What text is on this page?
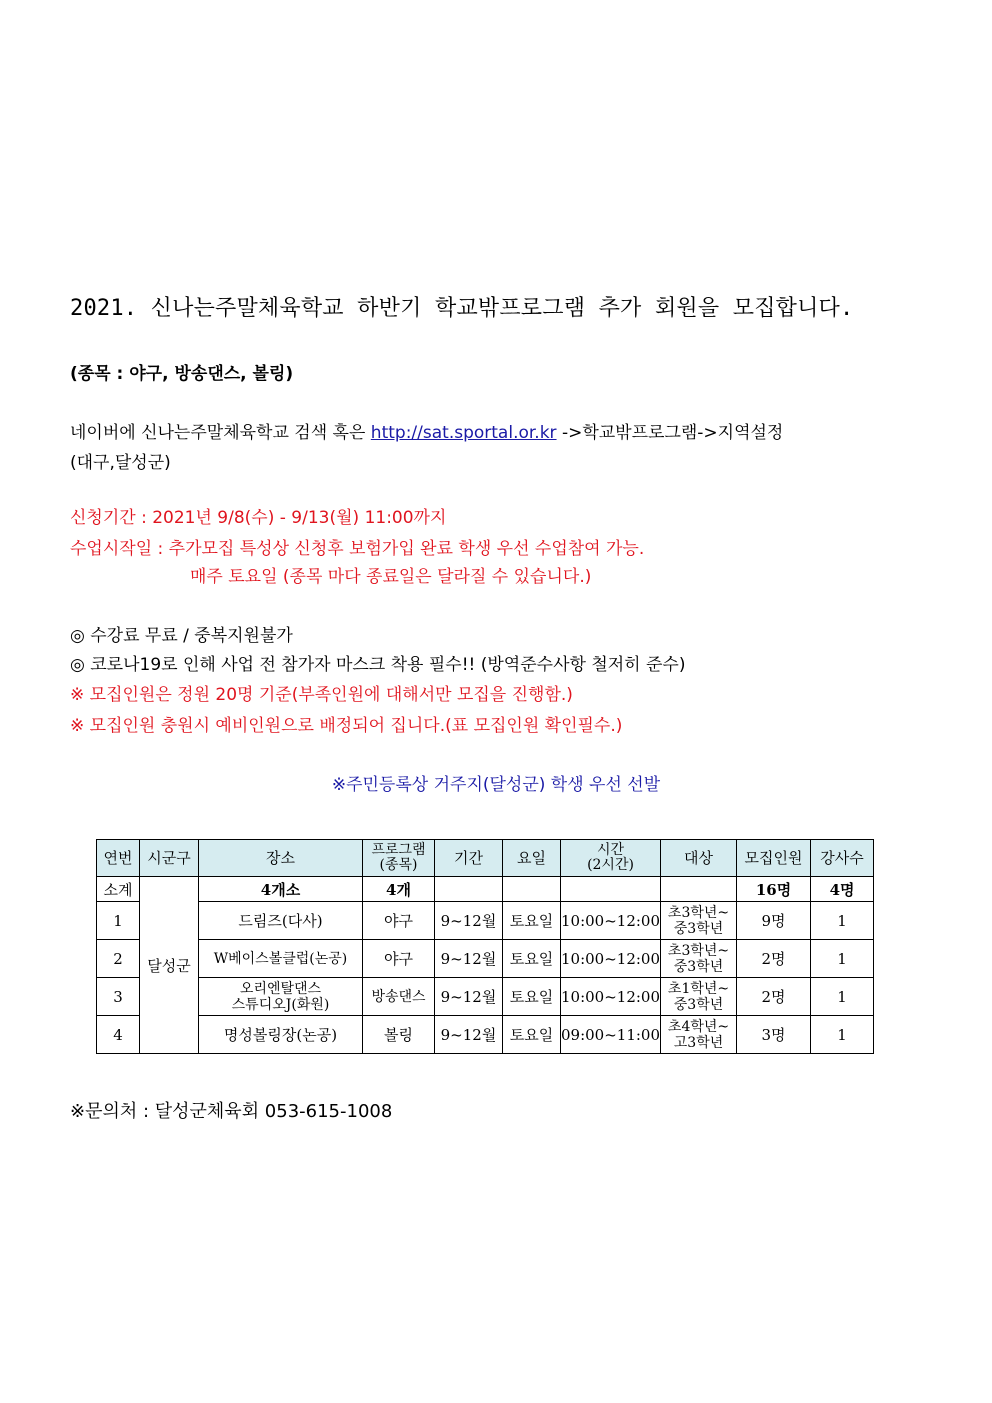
2021. 신나는주말체육학교 하반기 학교밖프로그램 추가 회원을 모집합니다.
(종목 : 야구, 방송댄스, 볼링)
네이버에 신나는주말체육학교 검색 혹은 http://sat.sportal.or.kr ->학교밖프로그램->지역설정
(대구,달성군)
신청기간 : 2021년 9/8(수) - 9/13(월) 11:00까지
수업시작일 : 추가모집 특성상 신청후 보험가입 완료 학생 우선 수업참여 가능.
매주 토요일 (종목 마다 종료일은 달라질 수 있습니다.)
◎ 수강료 무료 / 중복지원불가
◎ 코로나19로 인해 사업 전 참가자 마스크 착용 필수!! (방역준수사항 철저히 준수)
※ 모집인원은 정원 20명 기준(부족인원에 대해서만 모집을 진행함.)
※ 모집인원 충원시 예비인원으로 배정되어 집니다.(표 모집인원 확인필수.)
※주민등록상 거주지(달성군) 학생 우선 선발
연번	시군구	장소	프로그램
(종목)	기간	요일	시간
(2시간)	대상	모집인원	강사수
소계	달성군	4개소	4개					16명	4명
1		드림즈(다사)	야구	9~12월	토요일	10:00~12:00	초3학년~
중3학년	9명	1
2		W베이스볼클럽(논공)	야구	9~12월	토요일	10:00~12:00	초3학년~
중3학년	2명	1
3		오리엔탈댄스
스튜디오J(화원)	방송댄스	9~12월	토요일	10:00~12:00	초1학년~
중3학년	2명	1
4		명성볼링장(논공)	볼링	9~12월	토요일	09:00~11:00	초4학년~
고3학년	3명	1
※문의처 : 달성군체육회 053-615-1008
